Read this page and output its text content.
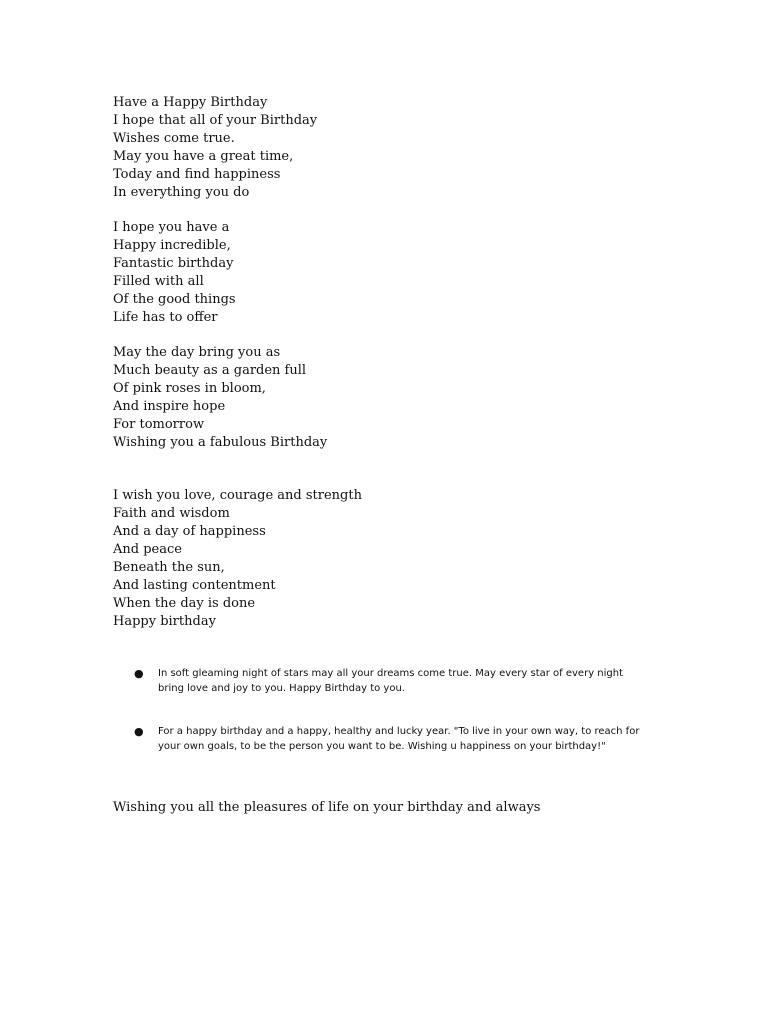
Have a Happy Birthday
I hope that all of your Birthday
Wishes come true.
May you have a great time,
Today and find happiness
In everything you do
I hope you have a
Happy incredible,
Fantastic birthday
Filled with all
Of the good things
Life has to offer
May the day bring you as
Much beauty as a garden full
Of pink roses in bloom,
And inspire hope
For tomorrow
Wishing you a fabulous Birthday
I wish you love, courage and strength
Faith and wisdom
And a day of happiness
And peace
Beneath the sun,
And lasting contentment
When the day is done
Happy birthday
● In soft gleaming night of stars may all your dreams come true. May every star of every night
bring love and joy to you. Happy Birthday to you.
● For a happy birthday and a happy, healthy and lucky year. "To live in your own way, to reach for
your own goals, to be the person you want to be. Wishing u happiness on your birthday!"
Wishing you all the pleasures of life on your birthday and always
